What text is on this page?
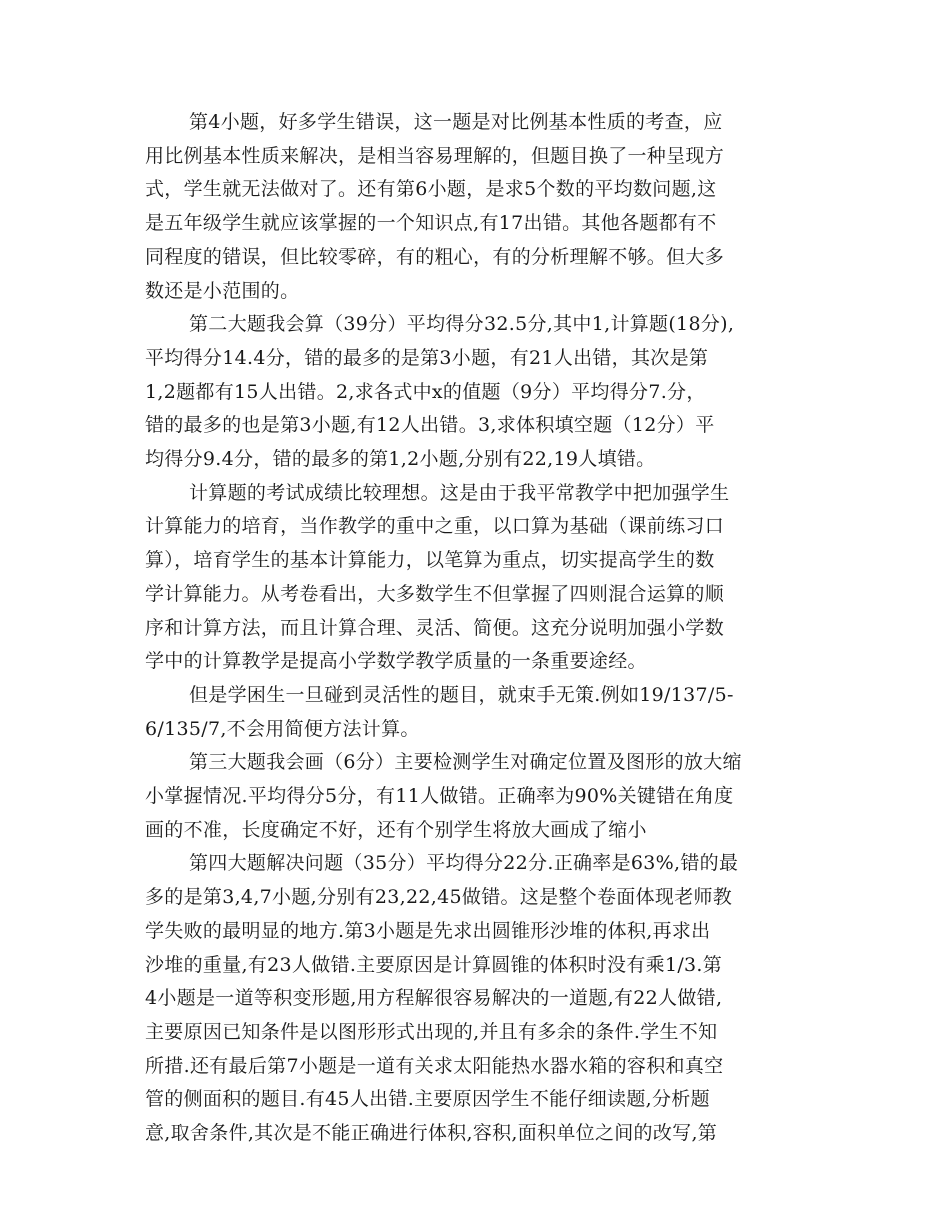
第4小题，好多学生错误，这一题是对比例基本性质的考查，应

用比例基本性质来解决，是相当容易理解的，但题目换了一种呈现方

式，学生就无法做对了。还有第6小题，是求5个数的平均数问题,这

是五年级学生就应该掌握的一个知识点,有17出错。其他各题都有不

同程度的错误，但比较零碎，有的粗心，有的分析理解不够。但大多

数还是小范围的。

第二大题我会算（39分）平均得分32.5分,其中1,计算题(18分),

平均得分14.4分，错的最多的是第3小题，有21人出错，其次是第

1,2题都有15人出错。2,求各式中x的值题（9分）平均得分7.分，

错的最多的也是第3小题,有12人出错。3,求体积填空题（12分）平

均得分9.4分，错的最多的第1,2小题,分别有22,19人填错。

计算题的考试成绩比较理想。这是由于我平常教学中把加强学生

计算能力的培育，当作教学的重中之重，以口算为基础（课前练习口

算），培育学生的基本计算能力，以笔算为重点，切实提高学生的数

学计算能力。从考卷看出，大多数学生不但掌握了四则混合运算的顺

序和计算方法，而且计算合理、灵活、简便。这充分说明加强小学数

学中的计算教学是提高小学数学教学质量的一条重要途经。

但是学困生一旦碰到灵活性的题目，就束手无策.例如19/137/5-

6/135/7,不会用简便方法计算。

第三大题我会画（6分）主要检测学生对确定位置及图形的放大缩

小掌握情况.平均得分5分，有11人做错。正确率为90%关键错在角度

画的不准，长度确定不好，还有个别学生将放大画成了缩小

第四大题解决问题（35分）平均得分22分.正确率是63%,错的最

多的是第3,4,7小题,分别有23,22,45做错。这是整个卷面体现老师教

学失败的最明显的地方.第3小题是先求出圆锥形沙堆的体积,再求出

沙堆的重量,有23人做错.主要原因是计算圆锥的体积时没有乘1/3.第

4小题是一道等积变形题,用方程解很容易解决的一道题,有22人做错,

主要原因已知条件是以图形形式出现的,并且有多余的条件.学生不知

所措.还有最后第7小题是一道有关求太阳能热水器水箱的容积和真空

管的侧面积的题目.有45人出错.主要原因学生不能仔细读题,分析题

意,取舍条件,其次是不能正确进行体积,容积,面积单位之间的改写,第
